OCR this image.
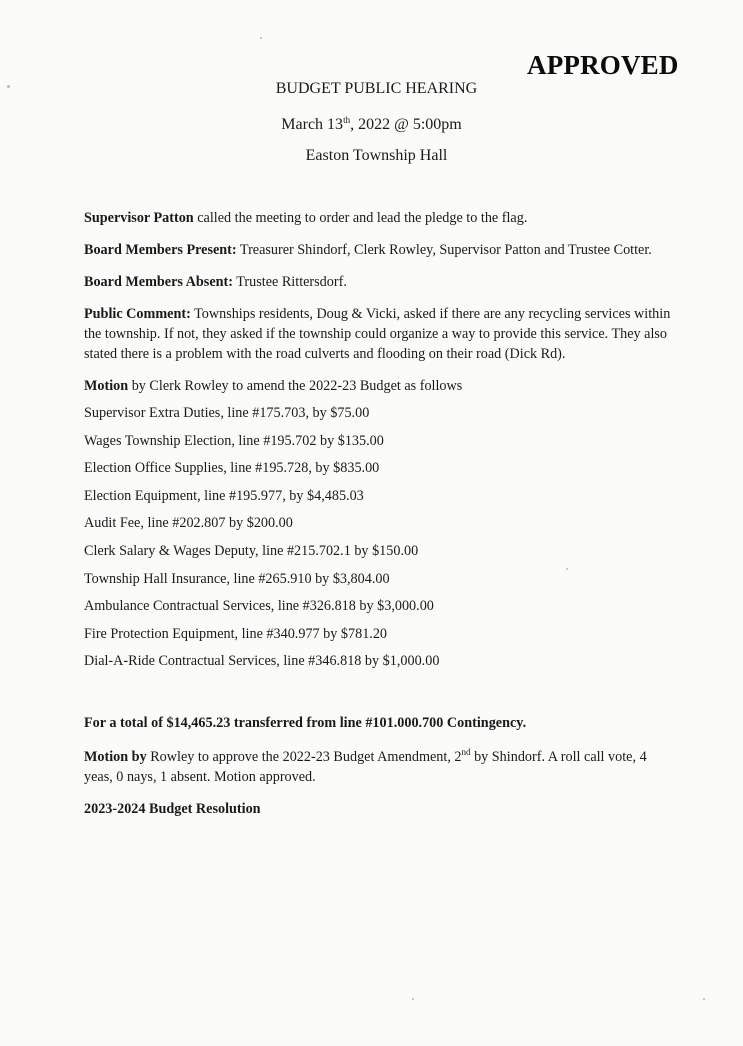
APPROVED
BUDGET PUBLIC HEARING
March 13th, 2022 @ 5:00pm
Easton Township Hall

Supervisor Patton called the meeting to order and lead the pledge to the flag.

Board Members Present: Treasurer Shindorf, Clerk Rowley, Supervisor Patton and Trustee Cotter.

Board Members Absent: Trustee Rittersdorf.

Public Comment: Townships residents, Doug & Vicki, asked if there are any recycling services within the township. If not, they asked if the township could organize a way to provide this service. They also stated there is a problem with the road culverts and flooding on their road (Dick Rd).

Motion by Clerk Rowley to amend the 2022-23 Budget as follows

Supervisor Extra Duties, line #175.703, by $75.00

Wages Township Election, line #195.702 by $135.00

Election Office Supplies, line #195.728, by $835.00

Election Equipment, line #195.977, by $4,485.03

Audit Fee, line #202.807 by $200.00

Clerk Salary & Wages Deputy, line #215.702.1 by $150.00

Township Hall Insurance, line #265.910 by $3,804.00

Ambulance Contractual Services, line #326.818 by $3,000.00

Fire Protection Equipment, line #340.977 by $781.20

Dial-A-Ride Contractual Services, line #346.818 by $1,000.00

For a total of $14,465.23 transferred from line #101.000.700 Contingency.

Motion by Rowley to approve the 2022-23 Budget Amendment, 2nd by Shindorf. A roll call vote, 4 yeas, 0 nays, 1 absent. Motion approved.

2023-2024 Budget Resolution
